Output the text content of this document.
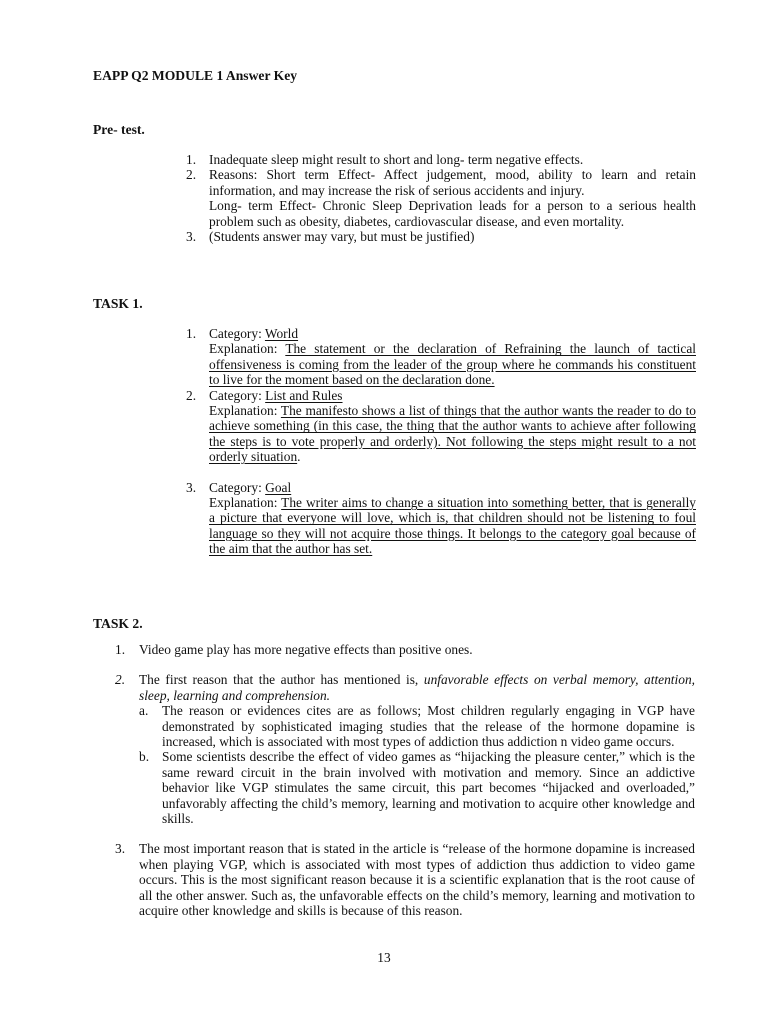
EAPP Q2 MODULE 1 Answer Key
Pre- test.
1. Inadequate sleep might result to short and long- term negative effects.
2. Reasons: Short term Effect- Affect judgement, mood, ability to learn and retain information, and may increase the risk of serious accidents and injury.
Long- term Effect- Chronic Sleep Deprivation leads for a person to a serious health problem such as obesity, diabetes, cardiovascular disease, and even mortality.
3. (Students answer may vary, but must be justified)
TASK 1.
1. Category: World
Explanation: The statement or the declaration of Refraining the launch of tactical offensiveness is coming from the leader of the group where he commands his constituent to live for the moment based on the declaration done.
2. Category: List and Rules
Explanation: The manifesto shows a list of things that the author wants the reader to do to achieve something (in this case, the thing that the author wants to achieve after following the steps is to vote properly and orderly). Not following the steps might result to a not orderly situation.
3. Category: Goal
Explanation: The writer aims to change a situation into something better, that is generally a picture that everyone will love, which is, that children should not be listening to foul language so they will not acquire those things. It belongs to the category goal because of the aim that the author has set.
TASK 2.
1. Video game play has more negative effects than positive ones.
2. The first reason that the author has mentioned is, unfavorable effects on verbal memory, attention, sleep, learning and comprehension.
a. The reason or evidences cites are as follows; Most children regularly engaging in VGP have demonstrated by sophisticated imaging studies that the release of the hormone dopamine is increased, which is associated with most types of addiction thus addiction n video game occurs.
b. Some scientists describe the effect of video games as “hijacking the pleasure center,” which is the same reward circuit in the brain involved with motivation and memory. Since an addictive behavior like VGP stimulates the same circuit, this part becomes “hijacked and overloaded,” unfavorably affecting the child’s memory, learning and motivation to acquire other knowledge and skills.
3. The most important reason that is stated in the article is “release of the hormone dopamine is increased when playing VGP, which is associated with most types of addiction thus addiction to video game occurs. This is the most significant reason because it is a scientific explanation that is the root cause of all the other answer. Such as, the unfavorable effects on the child’s memory, learning and motivation to acquire other knowledge and skills is because of this reason.
13
